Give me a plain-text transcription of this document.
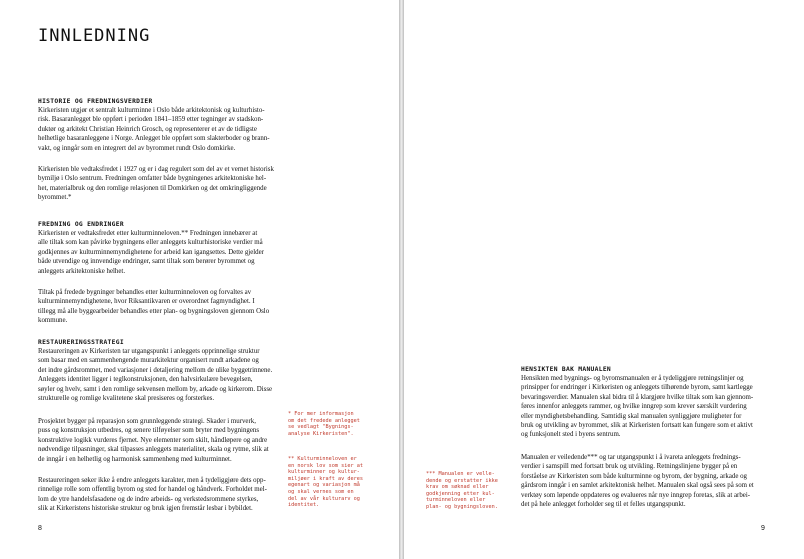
INNLEDNING
HISTORIE OG FREDNINGSVERDIER

Kirkeristen utgjør et sentralt kulturminne i Oslo både arkitektonisk og kulturhisto-
risk. Basaranlegget ble oppført i perioden 1841–1859 etter tegninger av stadskon-
duktør og arkitekt Christian Heinrich Grosch, og representerer et av de tidligste
helhetlige basaranleggene i Norge. Anlegget ble oppført som slakterboder og brann-
vakt, og inngår som en integrert del av byrommet rundt Oslo domkirke.

Kirkeristen ble vedtaksfredet i 1927 og er i dag regulert som del av et vernet historisk
bymiljø i Oslo sentrum. Fredningen omfatter både bygningenes arkitektoniske hel-
het, materialbruk og den romlige relasjonen til Domkirken og det omkringliggende
byrommet.*

FREDNING OG ENDRINGER

Kirkeristen er vedtaksfredet etter kulturminneloven.** Fredningen innebærer at
alle tiltak som kan påvirke bygningens eller anleggets kulturhistoriske verdier må
godkjennes av kulturminnemyndighetene for arbeid kan igangsettes. Dette gjelder
både utvendige og innvendige endringer, samt tiltak som berører byrommet og
anleggets arkitektoniske helhet.

Tiltak på fredede bygninger behandles etter kulturminneloven og forvaltes av
kulturminnemyndighetene, hvor Riksantikvaren er overordnet fagmyndighet. I
tillegg må alle byggearbeider behandles etter plan- og bygningsloven gjennom Oslo
kommune.

RESTAURERINGSSTRATEGI

Restaureringen av Kirkeristen tar utgangspunkt i anleggets opprinnelige struktur
som basar med en sammenhengende murarkitektur organisert rundt arkadene og
det indre gårdsrommet, med variasjoner i detaljering mellom de ulike byggetrinnene.
Anleggets identitet ligger i teglkonstruksjonen, den halvsirkulære bevegelsen,
søyler og hvelv, samt i den romlige sekvensen mellom by, arkade og kirkerom. Disse
strukturelle og romlige kvalitetene skal presiseres og forsterkes.

Prosjektet bygger på reparasjon som grunnleggende strategi. Skader i murverk,
puss og konstruksjon utbedres, og senere tilføyelser som bryter med bygningens
konstruktive logikk vurderes fjernet. Nye elementer som skilt, håndløpere og andre
nødvendige tilpasninger, skal tilpasses anleggets materialitet, skala og rytme, slik at
de inngår i en helhetlig og harmonisk sammenheng med kulturminnet.

Restaureringen søker ikke å endre anleggets karakter, men å tydeliggjøre dets opp-
rinnelige rolle som offentlig byrom og sted for handel og håndverk. Forholdet mel-
lom de ytre handelsfasadene og de indre arbeids- og verkstedsrommene styrkes,
slik at Kirkeristens historiske struktur og bruk igjen fremstår lesbar i bybildet.

* For mer informasjon
om det fredede anlegget
se vedlagt "Bygnings-
analyse Kirkeristen".

** Kulturminneloven er
en norsk lov som sier at
kulturminner og kultur-
miljøer i kraft av deres
egenart og variasjon må
og skal vernes som en
del av vår kulturarv og
identitet.

8

HENSIKTEN BAK MANUALEN

Hensikten med bygnings- og byromsmanualen er å tydeliggjøre retningslinjer og
prinsipper for endringer i Kirkeristen og anleggets tilhørende byrom, samt kartlegge
bevaringsverdier. Manualen skal bidra til å klargjøre hvilke tiltak som kan gjennom-
føres innenfor anleggets rammer, og hvilke inngrep som krever særskilt vurdering
eller myndighetsbehandling. Samtidig skal manualen synliggjøre muligheter for
bruk og utvikling av byrommet, slik at Kirkeristen fortsatt kan fungere som et aktivt
og funksjonelt sted i byens sentrum.

Manualen er veiledende*** og tar utgangspunkt i å ivareta anleggets frednings-
verdier i samspill med fortsatt bruk og utvikling. Retningslinjene bygger på en
forståelse av Kirkeristen som både kulturminne og byrom, der bygning, arkade og
gårdsrom inngår i en samlet arkitektonisk helhet. Manualen skal også sees på som et
verktøy som løpende oppdateres og evalueres når nye inngrep foretas, slik at arbei-
det på hele anlegget forholder seg til et felles utgangspunkt.

*** Manualen er velle-
dende og erstatter ikke
krav om søknad eller
godkjenning etter kul-
turminneloven eller
plan- og bygningsloven.

9
